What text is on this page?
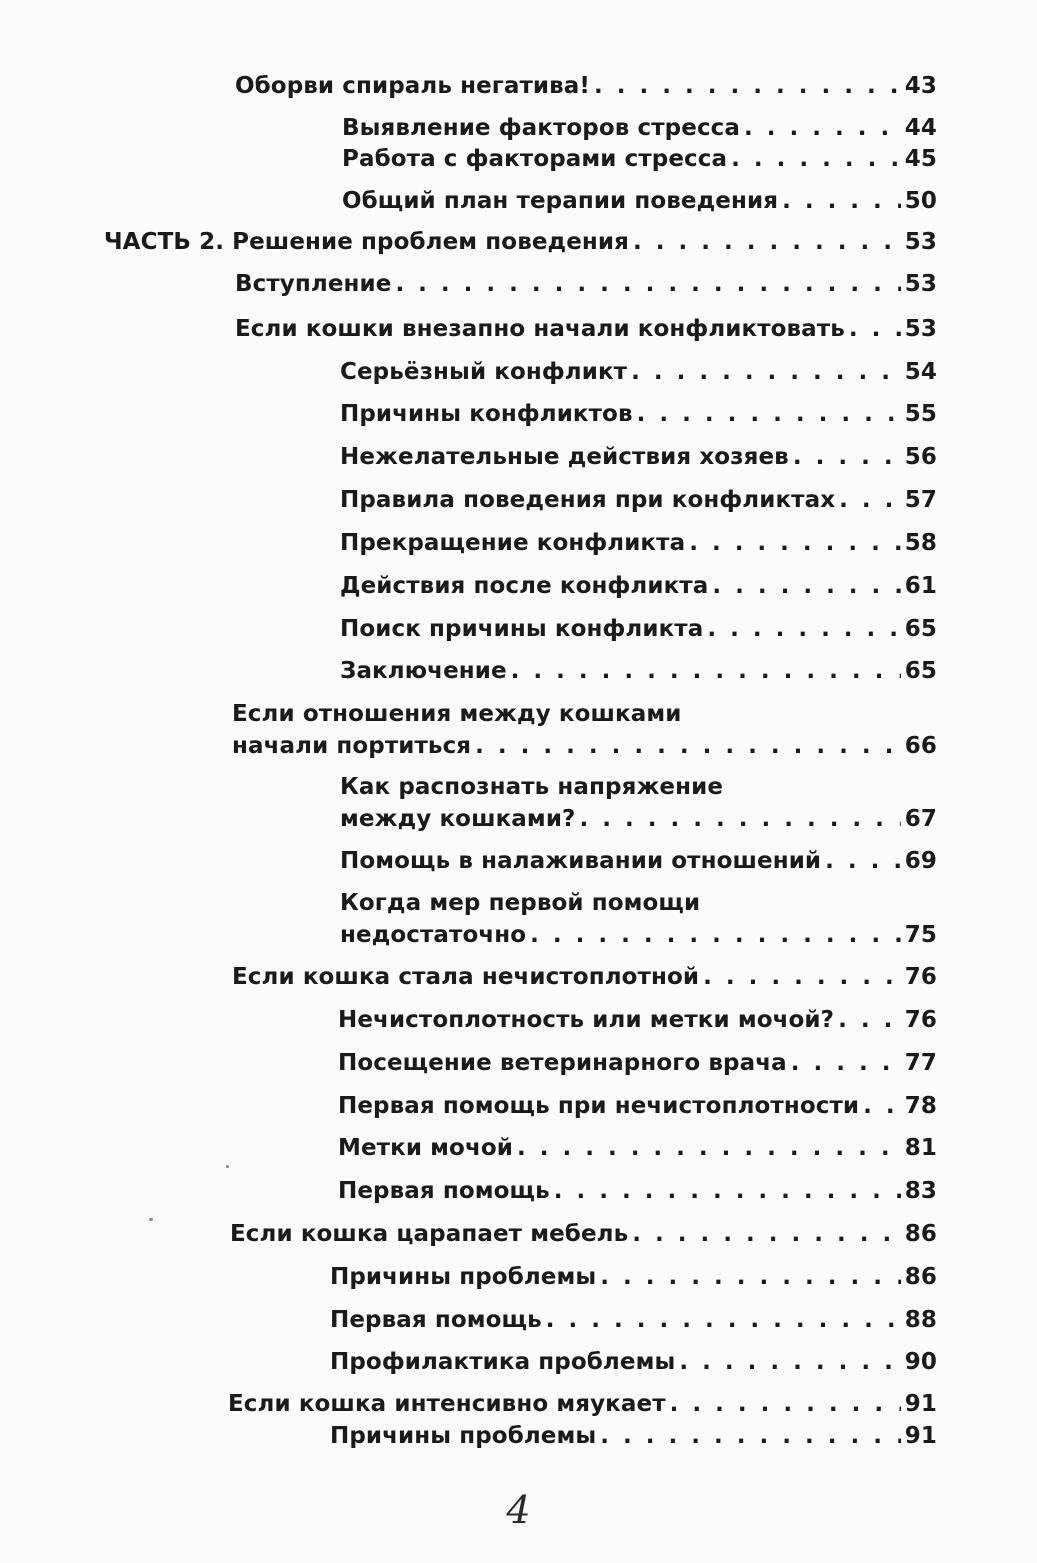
Оборви спираль негатива! . . .	43
Выявление факторов стресса . . .	44
Работа с факторами стресса . . .	45
Общий план терапии поведения . . .	50
ЧАСТЬ 2. Решение проблем поведения . . .	53
Вступление . . .	53
Если кошки внезапно начали конфликтовать . . .	53
Серьёзный конфликт . . .	54
Причины конфликтов . . .	55
Нежелательные действия хозяев . . .	56
Правила поведения при конфликтах . . .	57
Прекращение конфликта . . .	58
Действия после конфликта . . .	61
Поиск причины конфликта . . .	65
Заключение . . .	65
Если отношения между кошками
начали портиться . . .	66
Как распознать напряжение
между кошками? . . .	67
Помощь в налаживании отношений . . .	69
Когда мер первой помощи
недостаточно . . .	75
Если кошка стала нечистоплотной . . .	76
Нечистоплотность или метки мочой? . . .	76
Посещение ветеринарного врача . . .	77
Первая помощь при нечистоплотности . . . 78
Метки мочой . . .	81
Первая помощь . . .	83
Если кошка царапает мебель . . .	86
Причины проблемы . . .	86
Первая помощь . . .	88
Профилактика проблемы . . .	90
Если кошка интенсивно мяукает . . .	91
Причины проблемы . . .	91
4
